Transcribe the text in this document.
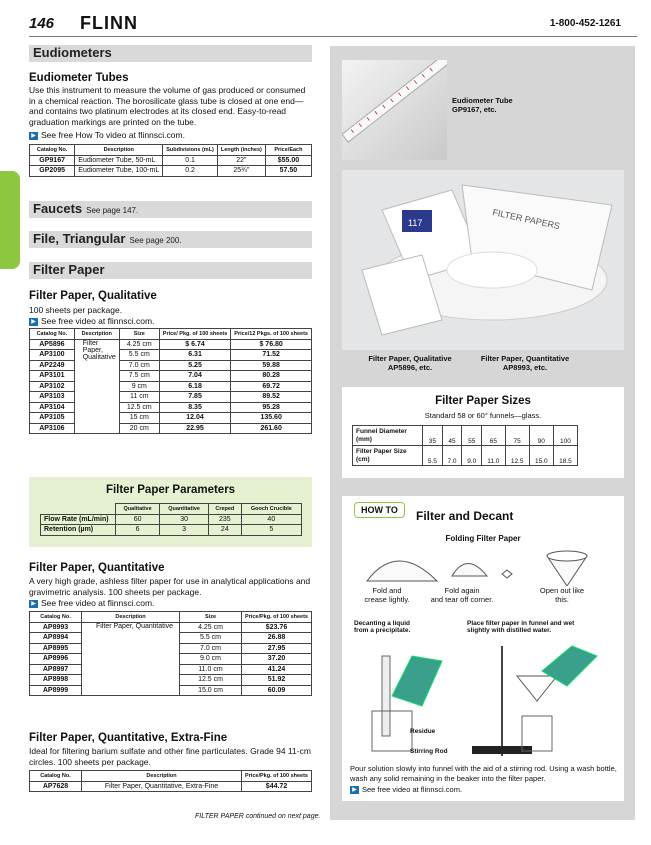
146 FLINN	1-800-452-1261
Eudiometers
Eudiometer Tubes
Use this instrument to measure the volume of gas produced or consumed in a chemical reaction. The borosilicate glass tube is closed at one end—and contains two platinum electrodes at its closed end. Easy-to-read graduation markings are printed on the tube.
▶ See free How To video at flinnsci.com.
Catalog No.	Description	Subdivisions (mL)	Length (inches)	Price/Each
GP9167	Eudiometer Tube, 50-mL	0.1	22"	$55.00
GP2095	Eudiometer Tube, 100-mL	0.2	25¾"	57.50
Faucets See page 147.
File, Triangular See page 200.
Filter Paper
Filter Paper, Qualitative
100 sheets per package.
▶ See free video at flinnsci.com.
Catalog No.	Description	Size	Price/ Pkg. of 100 sheets	Price/12 Pkgs. of 100 sheets
AP5896	Filter Paper, Qualitative	4.25 cm	$ 6.74	$ 76.80
AP3100		5.5 cm	6.31	71.52
AP2249		7.0 cm	5.25	59.88
AP3101		7.5 cm	7.04	80.28
AP3102		9 cm	6.18	69.72
AP3103		11 cm	7.85	89.52
AP3104		12.5 cm	8.35	95.28
AP3105		15 cm	12.04	135.60
AP3106		20 cm	22.95	261.60
Filter Paper Parameters
	Qualitative	Quantitative	Creped	Gooch Crucible
Flow Rate (mL/min)	60	30	235	40
Retention (µm)	6	3	24	5
Filter Paper, Quantitative
A very high grade, ashless filter paper for use in analytical applications and gravimetric analysis. 100 sheets per package.
▶ See free video at flinnsci.com.
Catalog No.	Description	Size	Price/Pkg. of 100 sheets
AP8993	Filter Paper, Quantitative	4.25 cm	$23.76
AP8994		5.5 cm	26.88
AP8995		7.0 cm	27.95
AP8996		9.0 cm	37.20
AP8997		11.0 cm	41.24
AP8998		12.5 cm	51.92
AP8999		15.0 cm	60.09
Filter Paper, Quantitative, Extra-Fine
Ideal for filtering barium sulfate and other fine particulates. Grade 94 11-cm circles. 100 sheets per package.
Catalog No.	Description	Price/Pkg. of 100 sheets
AP7628	Filter Paper, Quantitative, Extra-Fine	$44.72
FILTER PAPER continued on next page.
Eudiometer Tube
GP9167, etc.
117	FILTER PAPERS
Filter Paper, Qualitative
AP5896, etc.
Filter Paper, Quantitative
AP8993, etc.
Filter Paper Sizes
Standard 58 or 60° funnels—glass.
Funnel Diameter (mm)	35	45	55	65	75	90	100
Filter Paper Size (cm)	5.5	7.0	9.0	11.0	12.5	15.0	18.5
HOW TO	Filter and Decant
Folding Filter Paper
Fold and
crease lightly.
Fold again
and tear off corner.
Open out like
this.
Decanting a liquid
from a precipitate.
Place filter paper in funnel and wet
slightly with distilled water.
Residue
Stirring Rod
Pour solution slowly into funnel with the aid of a stirring rod. Using a wash bottle, wash any solid remaining in the beaker into the filter paper.
▶ See free video at flinnsci.com.
